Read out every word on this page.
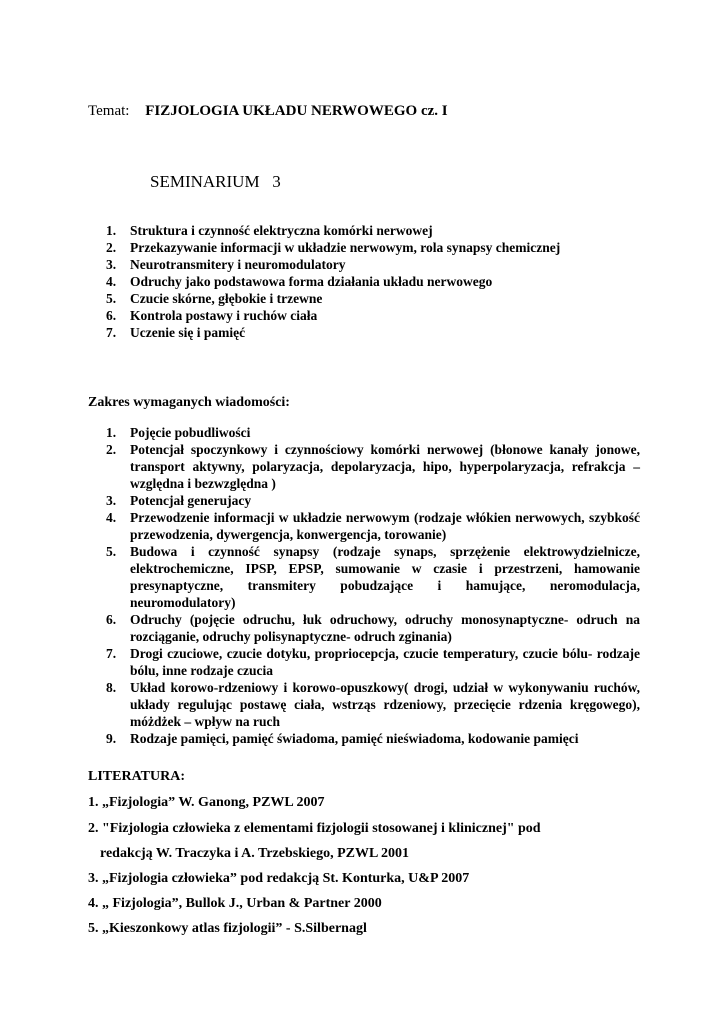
Temat: FIZJOLOGIA UKŁADU NERWOWEGO cz. I
SEMINARIUM   3
1. Struktura i czynność elektryczna komórki nerwowej
2. Przekazywanie informacji w układzie nerwowym, rola synapsy chemicznej
3. Neurotransmitery i neuromodulatory
4. Odruchy jako podstawowa forma działania układu nerwowego
5. Czucie skórne, głębokie i trzewne
6. Kontrola postawy i ruchów ciała
7. Uczenie się i pamięć
Zakres wymaganych wiadomości:
1. Pojęcie pobudliwości
2. Potencjał spoczynkowy i czynnościowy komórki nerwowej (błonowe kanały jonowe, transport aktywny, polaryzacja, depolaryzacja, hipo, hyperpolaryzacja, refrakcja – względna i bezwzględna )
3. Potencjał generujacy
4. Przewodzenie informacji w układzie nerwowym (rodzaje włókien nerwowych, szybkość przewodzenia, dywergencja, konwergencja, torowanie)
5. Budowa i czynność synapsy (rodzaje synaps, sprzężenie elektrowydzielnicze, elektrochemiczne, IPSP, EPSP, sumowanie w czasie i przestrzeni, hamowanie presynaptyczne, transmitery pobudzające i hamujące, neromodulacja, neuromodulatory)
6. Odruchy (pojęcie odruchu, łuk odruchowy, odruchy monosynaptyczne- odruch na rozciąganie, odruchy polisynaptyczne- odruch zginania)
7. Drogi czuciowe, czucie dotyku, propriocepcja, czucie temperatury, czucie bólu- rodzaje bólu, inne rodzaje czucia
8. Układ korowo-rdzeniowy i korowo-opuszkowy( drogi, udział w wykonywaniu ruchów, układy regulując postawę ciała, wstrząs rdzeniowy, przecięcie rdzenia kręgowego), móżdżek – wpływ na ruch
9. Rodzaje pamięci, pamięć świadoma, pamięć nieświadoma, kodowanie pamięci
LITERATURA:
1. „Fizjologia” W. Ganong, PZWL 2007
2. "Fizjologia człowieka z elementami fizjologii stosowanej i klinicznej" pod
redakcją W. Traczyka i A. Trzebskiego, PZWL 2001
3. „Fizjologia człowieka” pod redakcją St. Konturka, U&P 2007
4. „ Fizjologia”, Bullok J., Urban & Partner 2000
5. „Kieszonkowy atlas fizjologii” - S.Silbernagl
